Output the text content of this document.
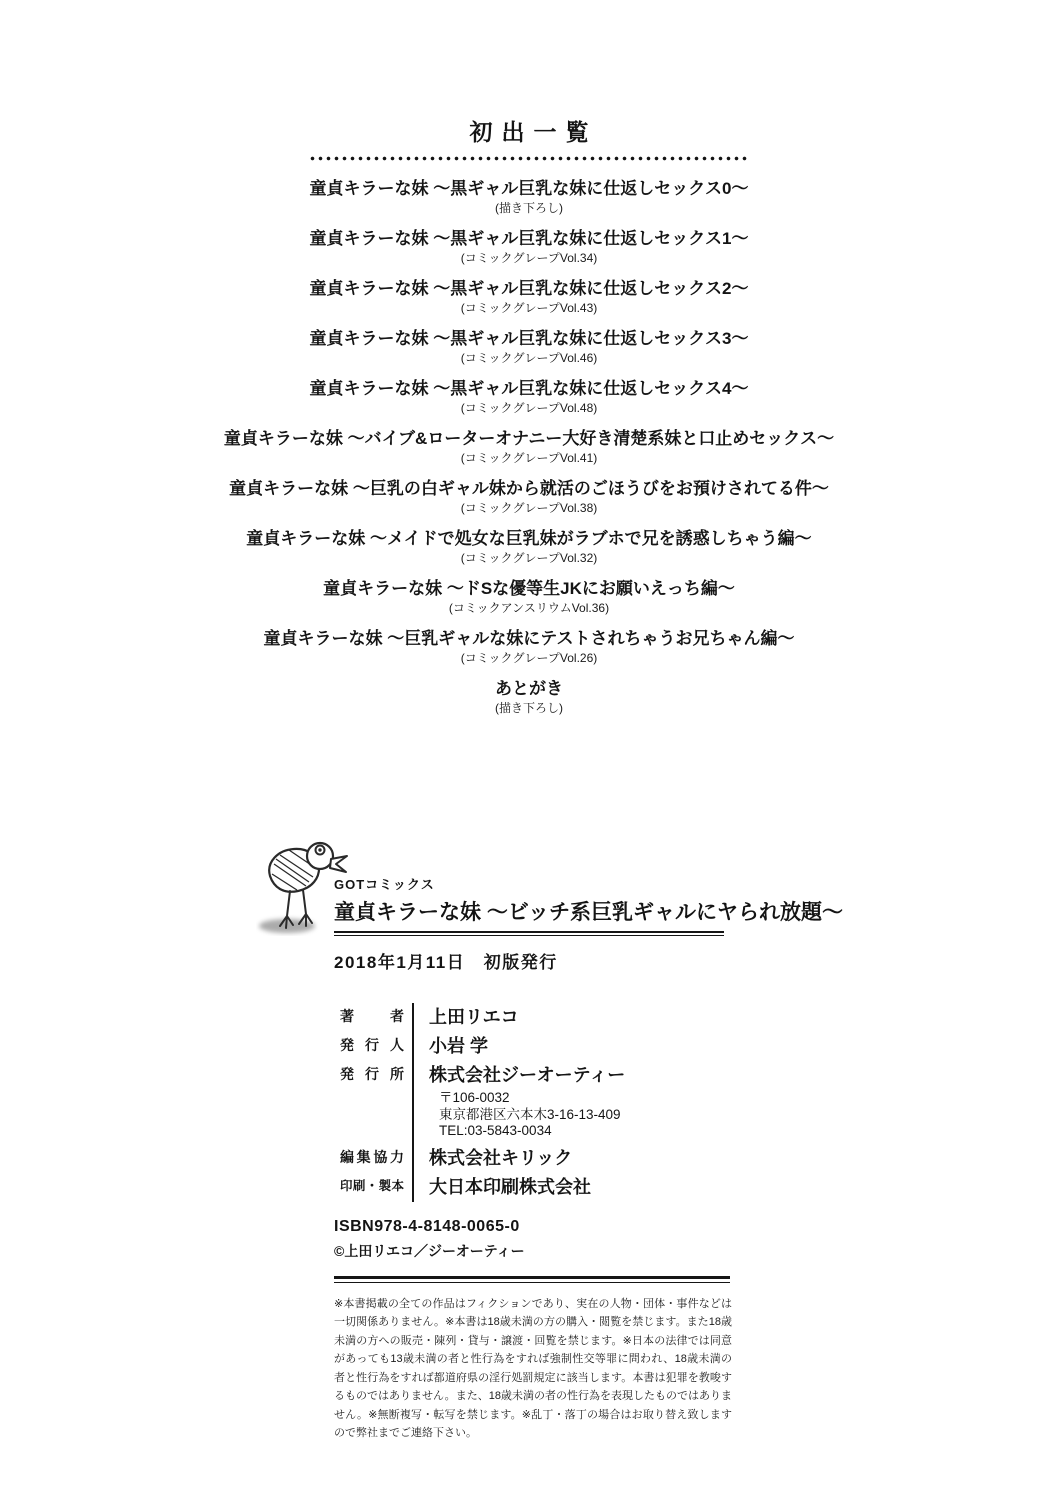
初出一覧
童貞キラーな妹 ～黒ギャル巨乳な妹に仕返しセックス0～
(描き下ろし)
童貞キラーな妹 ～黒ギャル巨乳な妹に仕返しセックス1～
(コミックグレープVol.34)
童貞キラーな妹 ～黒ギャル巨乳な妹に仕返しセックス2～
(コミックグレープVol.43)
童貞キラーな妹 ～黒ギャル巨乳な妹に仕返しセックス3～
(コミックグレープVol.46)
童貞キラーな妹 ～黒ギャル巨乳な妹に仕返しセックス4～
(コミックグレープVol.48)
童貞キラーな妹 ～バイブ&ローターオナニー大好き清楚系妹と口止めセックス～
(コミックグレープVol.41)
童貞キラーな妹 ～巨乳の白ギャル妹から就活のごほうびをお預けされてる件～
(コミックグレープVol.38)
童貞キラーな妹 ～メイドで処女な巨乳妹がラブホで兄を誘惑しちゃう編～
(コミックグレープVol.32)
童貞キラーな妹 ～ドSな優等生JKにお願いえっち編～
(コミックアンスリウムVol.36)
童貞キラーな妹 ～巨乳ギャルな妹にテストされちゃうお兄ちゃん編～
(コミックグレープVol.26)
あとがき
(描き下ろし)
GOTコミックス
童貞キラーな妹 ～ビッチ系巨乳ギャルにヤられ放題～
2018年1月11日　初版発行
著者	上田リエコ
発行人	小岩 学
発行所	株式会社ジーオーティー
〒106-0032
東京都港区六本木3-16-13-409
TEL:03-5843-0034
編集協力	株式会社キリック
印刷・製本	大日本印刷株式会社
ISBN978-4-8148-0065-0
©上田リエコ／ジーオーティー
※本書掲載の全ての作品はフィクションであり、実在の人物・団体・事件などは一切関係ありません。※本書は18歳未満の方の購入・閲覧を禁じます。また18歳未満の方への販売・陳列・貸与・譲渡・回覧を禁じます。※日本の法律では同意があっても13歳未満の者と性行為をすれば強制性交等罪に問われ、18歳未満の者と性行為をすれば都道府県の淫行処罰規定に該当します。本書は犯罪を教唆するものではありません。また、18歳未満の者の性行為を表現したものではありません。※無断複写・転写を禁じます。※乱丁・落丁の場合はお取り替え致しますので弊社までご連絡下さい。
